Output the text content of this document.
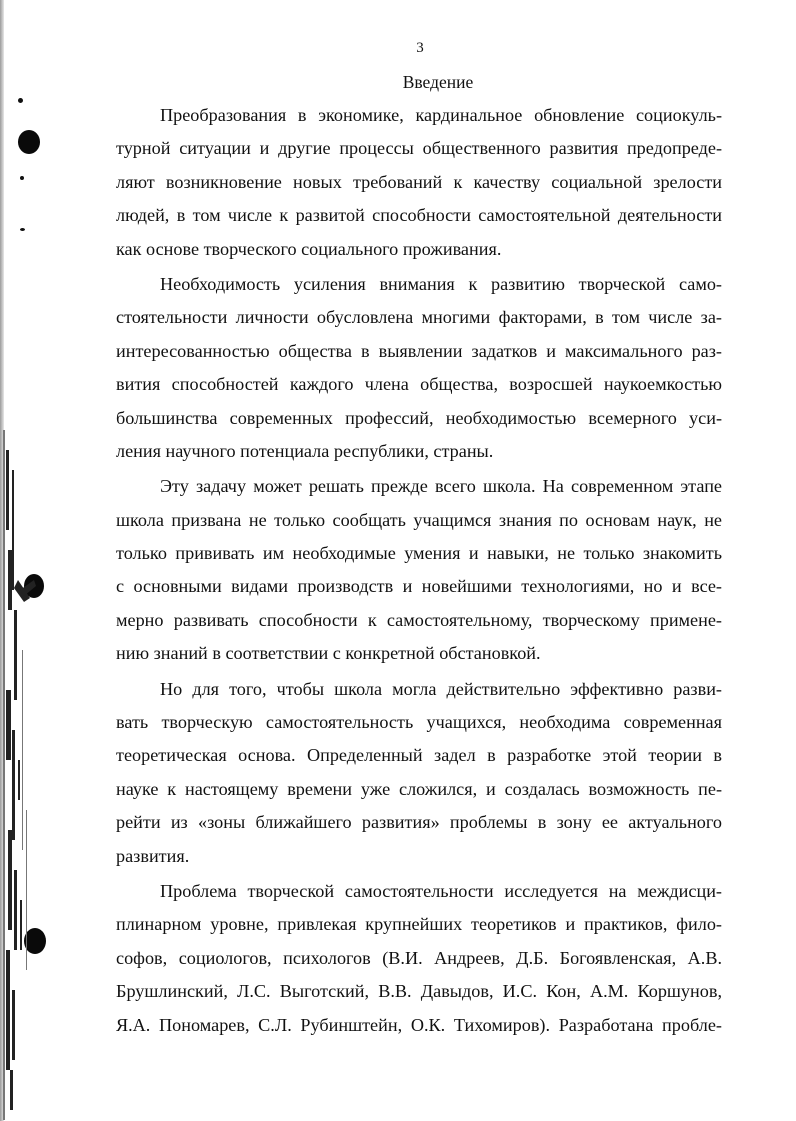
3
Введение
Преобразования в экономике, кардинальное обновление социокуль-
турной ситуации и другие процессы общественного развития предопреде-
ляют возникновение новых требований к качеству социальной зрелости
людей, в том числе к развитой способности самостоятельной деятельности
как основе творческого социального проживания.
Необходимость усиления внимания к развитию творческой само-
стоятельности личности обусловлена многими факторами, в том числе за-
интересованностью общества в выявлении задатков и максимального раз-
вития способностей каждого члена общества, возросшей наукоемкостью
большинства современных профессий, необходимостью всемерного уси-
ления научного потенциала республики, страны.
Эту задачу может решать прежде всего школа. На современном этапе
школа призвана не только сообщать учащимся знания по основам наук, не
только прививать им необходимые умения и навыки, не только знакомить
с основными видами производств и новейшими технологиями, но и все-
мерно развивать способности к самостоятельному, творческому примене-
нию знаний в соответствии с конкретной обстановкой.
Но для того, чтобы школа могла действительно эффективно разви-
вать творческую самостоятельность учащихся, необходима современная
теоретическая основа. Определенный задел в разработке этой теории в
науке к настоящему времени уже сложился, и создалась возможность пе-
рейти из «зоны ближайшего развития» проблемы в зону ее актуального
развития.
Проблема творческой самостоятельности исследуется на междисци-
плинарном уровне, привлекая крупнейших теоретиков и практиков, фило-
софов, социологов, психологов (В.И. Андреев, Д.Б. Богоявленская, А.В.
Брушлинский, Л.С. Выготский, В.В. Давыдов, И.С. Кон, А.М. Коршунов,
Я.А. Пономарев, С.Л. Рубинштейн, О.К. Тихомиров). Разработана пробле-
